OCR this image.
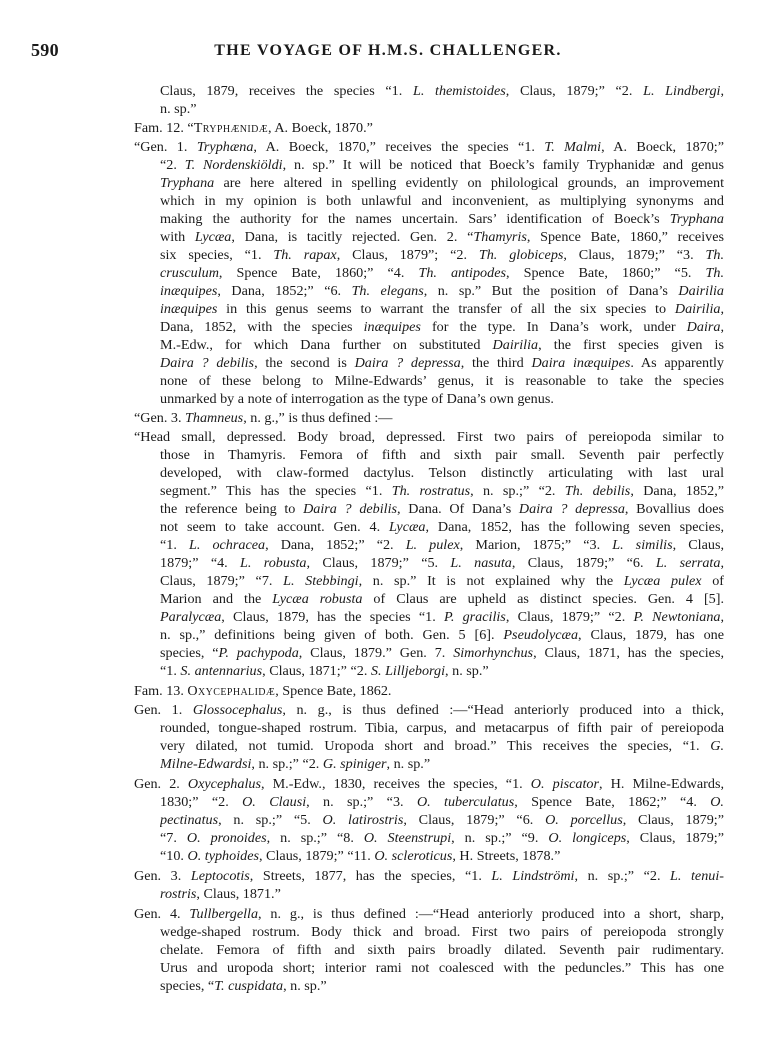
590	THE VOYAGE OF H.M.S. CHALLENGER.
Claus, 1879, receives the species “1. L. themistoides, Claus, 1879;” “2. L. Lindbergi,
n. sp.”
Fam. 12. “Tryphænidæ, A. Boeck, 1870.”
“Gen. 1. Tryphæna, A. Boeck, 1870,” receives the species “1. T. Malmi, A. Boeck, 1870;”
“2. T. Nordenskiöldi, n. sp.” It will be noticed that Boeck’s family Tryphanidæ and genus
Tryphana are here altered in spelling evidently on philological grounds, an improvement
which in my opinion is both unlawful and inconvenient, as multiplying synonyms and
making the authority for the names uncertain. Sars’ identification of Boeck’s Tryphana
with Lycæa, Dana, is tacitly rejected. Gen. 2. “Thamyris, Spence Bate, 1860,” receives
six species, “1. Th. rapax, Claus, 1879”; “2. Th. globiceps, Claus, 1879;” “3. Th.
crusculum, Spence Bate, 1860;” “4. Th. antipodes, Spence Bate, 1860;” “5. Th.
inæquipes, Dana, 1852;” “6. Th. elegans, n. sp.” But the position of Dana’s Dairilia
inæquipes in this genus seems to warrant the transfer of all the six species to Dairilia,
Dana, 1852, with the species inæquipes for the type. In Dana’s work, under Daira,
M.-Edw., for which Dana further on substituted Dairilia, the first species given is
Daira ? debilis, the second is Daira ? depressa, the third Daira inæquipes. As apparently
none of these belong to Milne-Edwards’ genus, it is reasonable to take the species
unmarked by a note of interrogation as the type of Dana’s own genus.
“Gen. 3. Thamneus, n. g.,” is thus defined :—
“Head small, depressed. Body broad, depressed. First two pairs of pereiopoda similar to
those in Thamyris. Femora of fifth and sixth pair small. Seventh pair perfectly
developed, with claw-formed dactylus. Telson distinctly articulating with last ural
segment.” This has the species “1. Th. rostratus, n. sp.;” “2. Th. debilis, Dana, 1852,”
the reference being to Daira ? debilis, Dana. Of Dana’s Daira ? depressa, Bovallius does
not seem to take account. Gen. 4. Lycæa, Dana, 1852, has the following seven species,
“1. L. ochracea, Dana, 1852;” “2. L. pulex, Marion, 1875;” “3. L. similis, Claus,
1879;” “4. L. robusta, Claus, 1879;” “5. L. nasuta, Claus, 1879;” “6. L. serrata,
Claus, 1879;” “7. L. Stebbingi, n. sp.” It is not explained why the Lycæa pulex of
Marion and the Lycæa robusta of Claus are upheld as distinct species. Gen. 4 [5].
Paralycæa, Claus, 1879, has the species “1. P. gracilis, Claus, 1879;” “2. P. Newtoniana,
n. sp.,” definitions being given of both. Gen. 5 [6]. Pseudolycæa, Claus, 1879, has one
species, “P. pachypoda, Claus, 1879.” Gen. 7. Simorhynchus, Claus, 1871, has the species,
“1. S. antennarius, Claus, 1871;” “2. S. Lilljeborgi, n. sp.”
Fam. 13. Oxycephalidæ, Spence Bate, 1862.
Gen. 1. Glossocephalus, n. g., is thus defined :—“Head anteriorly produced into a thick,
rounded, tongue-shaped rostrum. Tibia, carpus, and metacarpus of fifth pair of pereiopoda
very dilated, not tumid. Uropoda short and broad.” This receives the species, “1. G.
Milne-Edwardsi, n. sp.;” “2. G. spiniger, n. sp.”
Gen. 2. Oxycephalus, M.-Edw., 1830, receives the species, “1. O. piscator, H. Milne-Edwards,
1830;” “2. O. Clausi, n. sp.;” “3. O. tuberculatus, Spence Bate, 1862;” “4. O.
pectinatus, n. sp.;” “5. O. latirostris, Claus, 1879;” “6. O. porcellus, Claus, 1879;”
“7. O. pronoides, n. sp.;” “8. O. Steenstrupi, n. sp.;” “9. O. longiceps, Claus, 1879;”
“10. O. typhoides, Claus, 1879;” “11. O. scleroticus, H. Streets, 1878.”
Gen. 3. Leptocotis, Streets, 1877, has the species, “1. L. Lindströmi, n. sp.;” “2. L. tenui-
rostris, Claus, 1871.”
Gen. 4. Tullbergella, n. g., is thus defined :—“Head anteriorly produced into a short, sharp,
wedge-shaped rostrum. Body thick and broad. First two pairs of pereiopoda strongly
chelate. Femora of fifth and sixth pairs broadly dilated. Seventh pair rudimentary.
Urus and uropoda short; interior rami not coalesced with the peduncles.” This has one
species, “T. cuspidata, n. sp.”
